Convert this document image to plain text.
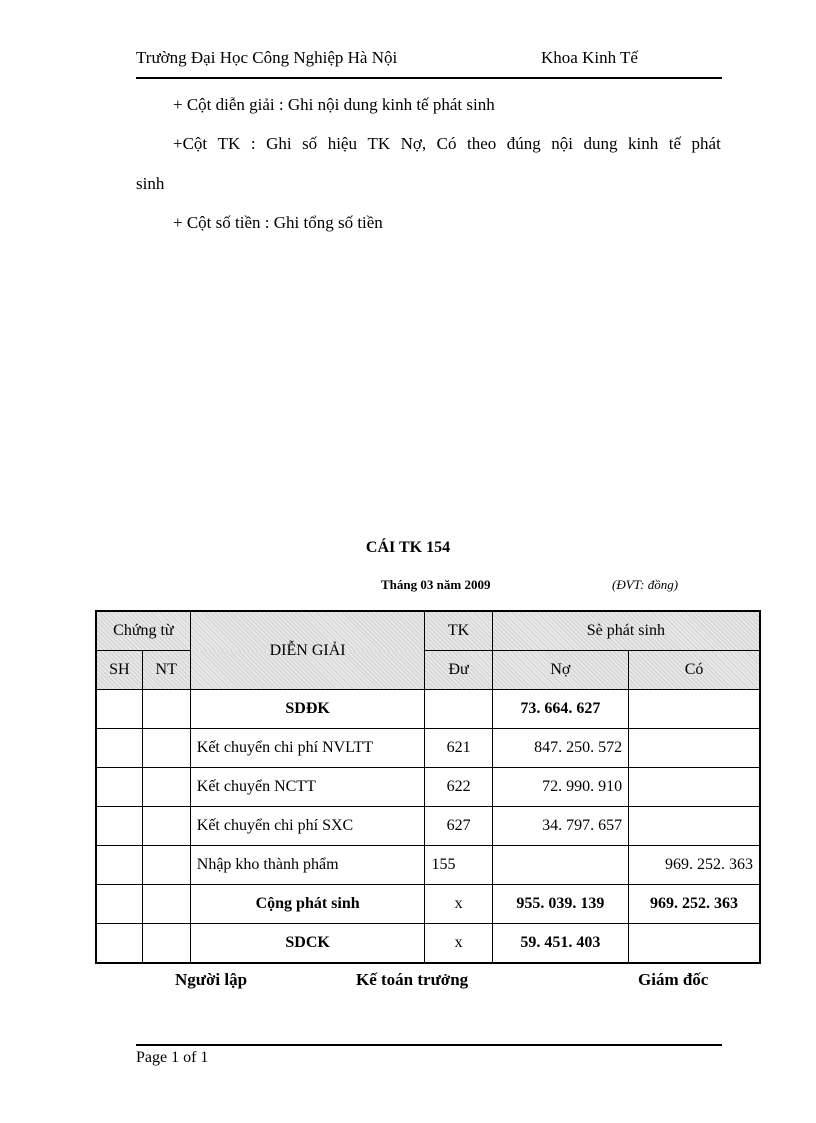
Trường Đại Học Công Nghiệp Hà Nội	Khoa Kinh Tế
+ Cột diễn giải : Ghi nội dung kinh tế phát sinh
+Cột TK : Ghi số hiệu TK Nợ, Có theo đúng nội dung kinh tế phát
sinh
+ Cột số tiền : Ghi tổng số tiền
CÁI TK 154
Tháng 03 năm 2009	(ĐVT: đồng)
Chứng từ		DIỄN GIẢI	TK	Sè phát sinh	
SH	NT		Đư	Nợ	Có
		SDĐK		73. 664. 627	
		Kết chuyển chi phí NVLTT	621	847. 250. 572	
		Kết chuyển NCTT	622	72. 990. 910	
		Kết chuyển chi phí SXC	627	34. 797. 657	
		Nhập kho thành phẩm	155		969. 252. 363
		Cộng phát sinh	x	955. 039. 139	969. 252. 363
		SDCK	x	59. 451. 403	
Người lập	Kế toán trưởng	Giám đốc
Page 1 of 1
